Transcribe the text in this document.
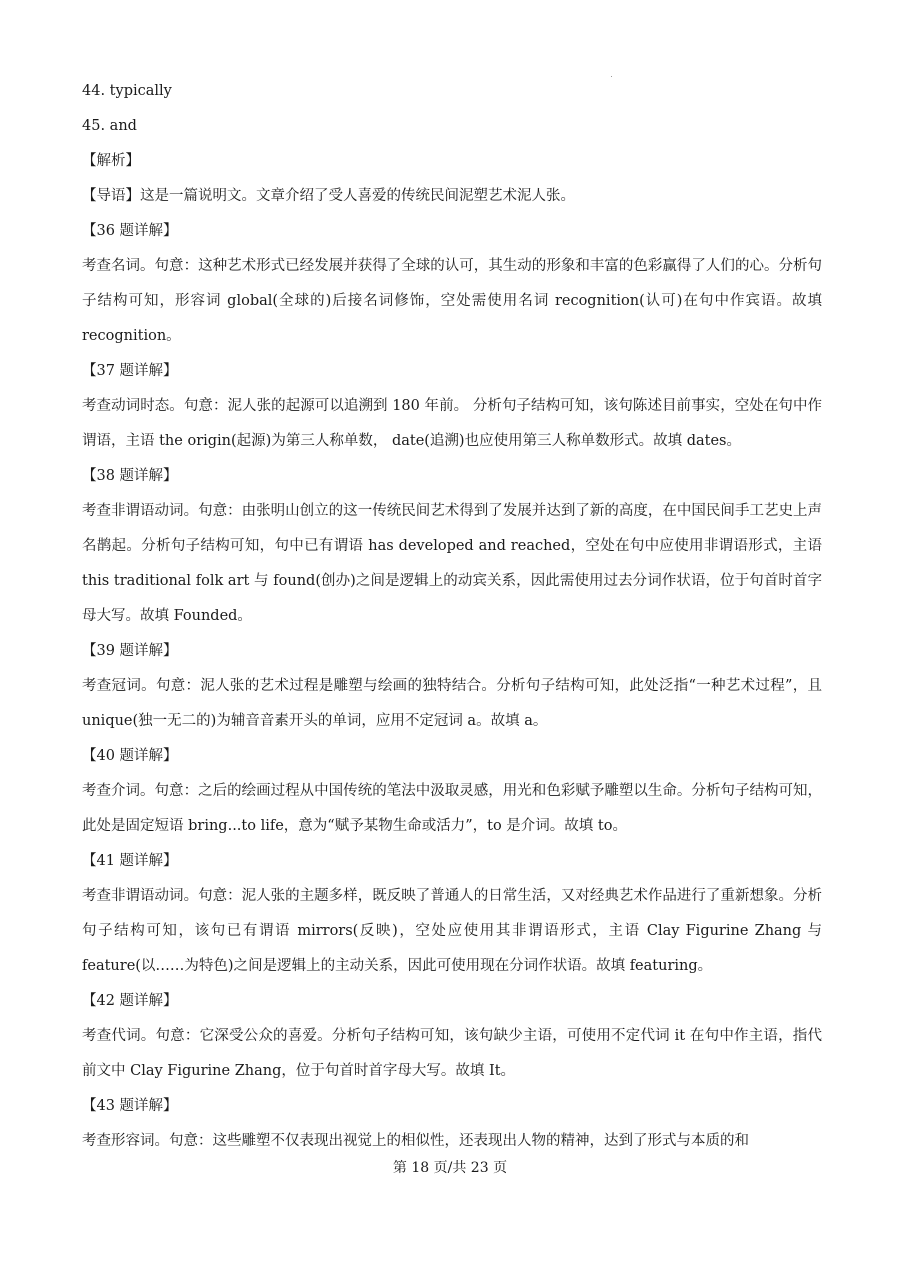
44. typically
45. and
【解析】
【导语】这是一篇说明文。文章介绍了受人喜爱的传统民间泥塑艺术泥人张。
【36 题详解】
考查名词。句意：这种艺术形式已经发展并获得了全球的认可，其生动的形象和丰富的色彩赢得了人们的心。分析句子结构可知，形容词 global(全球的)后接名词修饰，空处需使用名词 recognition(认可)在句中作宾语。故填 recognition。
【37 题详解】
考查动词时态。句意：泥人张的起源可以追溯到 180 年前。 分析句子结构可知，该句陈述目前事实，空处在句中作谓语，主语 the origin(起源)为第三人称单数， date(追溯)也应使用第三人称单数形式。故填 dates。
【38 题详解】
考查非谓语动词。句意：由张明山创立的这一传统民间艺术得到了发展并达到了新的高度，在中国民间手工艺史上声名鹊起。分析句子结构可知，句中已有谓语 has developed and reached，空处在句中应使用非谓语形式，主语 this traditional folk art 与 found(创办)之间是逻辑上的动宾关系，因此需使用过去分词作状语，位于句首时首字母大写。故填 Founded。
【39 题详解】
考查冠词。句意：泥人张的艺术过程是雕塑与绘画的独特结合。分析句子结构可知，此处泛指“一种艺术过程”，且 unique(独一无二的)为辅音音素开头的单词，应用不定冠词 a。故填 a。
【40 题详解】
考查介词。句意：之后的绘画过程从中国传统的笔法中汲取灵感，用光和色彩赋予雕塑以生命。分析句子结构可知，此处是固定短语 bring...to life，意为“赋予某物生命或活力”，to 是介词。故填 to。
【41 题详解】
考查非谓语动词。句意：泥人张的主题多样，既反映了普通人的日常生活，又对经典艺术作品进行了重新想象。分析句子结构可知，该句已有谓语 mirrors(反映)，空处应使用其非谓语形式，主语 Clay Figurine Zhang 与 feature(以……为特色)之间是逻辑上的主动关系，因此可使用现在分词作状语。故填 featuring。
【42 题详解】
考查代词。句意：它深受公众的喜爱。分析句子结构可知，该句缺少主语，可使用不定代词 it 在句中作主语，指代前文中 Clay Figurine Zhang，位于句首时首字母大写。故填 It。
【43 题详解】
考查形容词。句意：这些雕塑不仅表现出视觉上的相似性，还表现出人物的精神，达到了形式与本质的和
第 18 页/共 23 页
